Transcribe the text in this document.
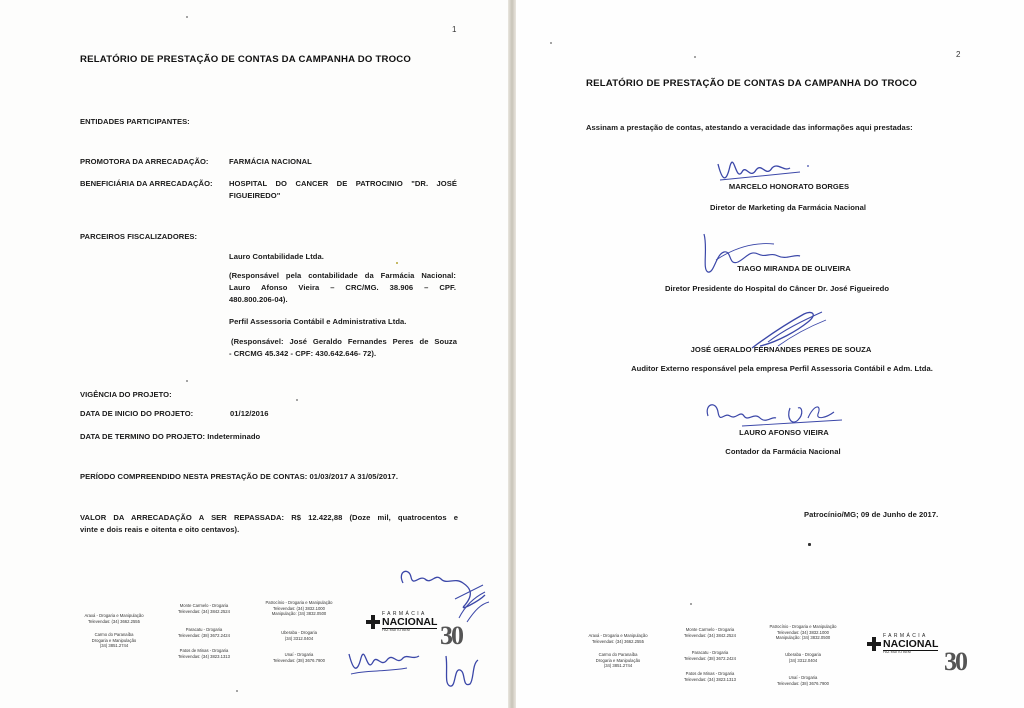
1
RELATÓRIO DE PRESTAÇÃO DE CONTAS DA CAMPANHA DO TROCO
ENTIDADES PARTICIPANTES:
PROMOTORA DA ARRECADAÇÃO:	FARMÁCIA NACIONAL
BENEFICIÁRIA DA ARRECADAÇÃO: HOSPITAL DO CANCER DE PATROCINIO "DR. JOSÉ
FIGUEIREDO"
PARCEIROS FISCALIZADORES:
Lauro Contabilidade Ltda.
(Responsável pela contabilidade da Farmácia Nacional:
Lauro Afonso Vieira – CRC/MG. 38.906 – CPF.
480.800.206-04).
Perfil Assessoria Contábil e Administrativa Ltda.
(Responsável: José Geraldo Fernandes Peres de Souza
- CRCMG 45.342 - CPF: 430.642.646- 72).
VIGÊNCIA DO PROJETO:
DATA DE INICIO DO PROJETO:	01/12/2016
DATA DE TERMINO DO PROJETO: Indeterminado
PERÍODO COMPREENDIDO NESTA PRESTAÇÃO DE CONTAS: 01/03/2017 A 31/05/2017.
VALOR DA ARRECADAÇÃO A SER REPASSADA: R$ 12.422,88 (Doze mil, quatrocentos e
vinte e dois reais e oitenta e oito centavos).
Araxá - Drogaria e Manipulação
Televendas: (34) 3662.2555
Carmo do Paranaíba
Drogaria e Manipulação
(34) 3851.2744
Monte Carmelo - Drogaria
Televendas: (34) 3842.2524
Paracatu - Drogaria
Televendas: (38) 3672.2424
Patos de Minas - Drogaria
Televendas: (34) 3823.1313
Patrocínio - Drogaria e Manipulação
Televendas: (34) 3832.1000
Manipulação: (34) 3832.0500
Uberaba - Drogaria
(34) 3312.0404
Unaí - Drogaria
Televendas: (38) 3676.7900
FARMÁCIA
NACIONAL
FAZ MUITO BEM	30
2
RELATÓRIO DE PRESTAÇÃO DE CONTAS DA CAMPANHA DO TROCO
Assinam a prestação de contas, atestando a veracidade das informações aqui prestadas:
MARCELO HONORATO BORGES
Diretor de Marketing da Farmácia Nacional
TIAGO MIRANDA DE OLIVEIRA
Diretor Presidente do Hospital do Câncer Dr. José Figueiredo
JOSÉ GERALDO FERNANDES PERES DE SOUZA
Auditor Externo responsável pela empresa Perfil Assessoria Contábil e Adm. Ltda.
LAURO AFONSO VIEIRA
Contador da Farmácia Nacional
Patrocínio/MG; 09 de Junho de 2017.
Araxá - Drogaria e Manipulação
Televendas: (34) 3662.2555
Carmo do Paranaíba
Drogaria e Manipulação
(34) 3851.2744
Monte Carmelo - Drogaria
Televendas: (34) 3842.2524
Paracatu - Drogaria
Televendas: (38) 3672.2424
Patos de Minas - Drogaria
Televendas: (34) 3823.1313
Patrocínio - Drogaria e Manipulação
Televendas: (34) 3832.1000
Manipulação: (34) 3832.0500
Uberaba - Drogaria
(34) 3312.0404
Unaí - Drogaria
Televendas: (38) 3676.7900
FARMÁCIA
NACIONAL
FAZ MUITO BEM	30
